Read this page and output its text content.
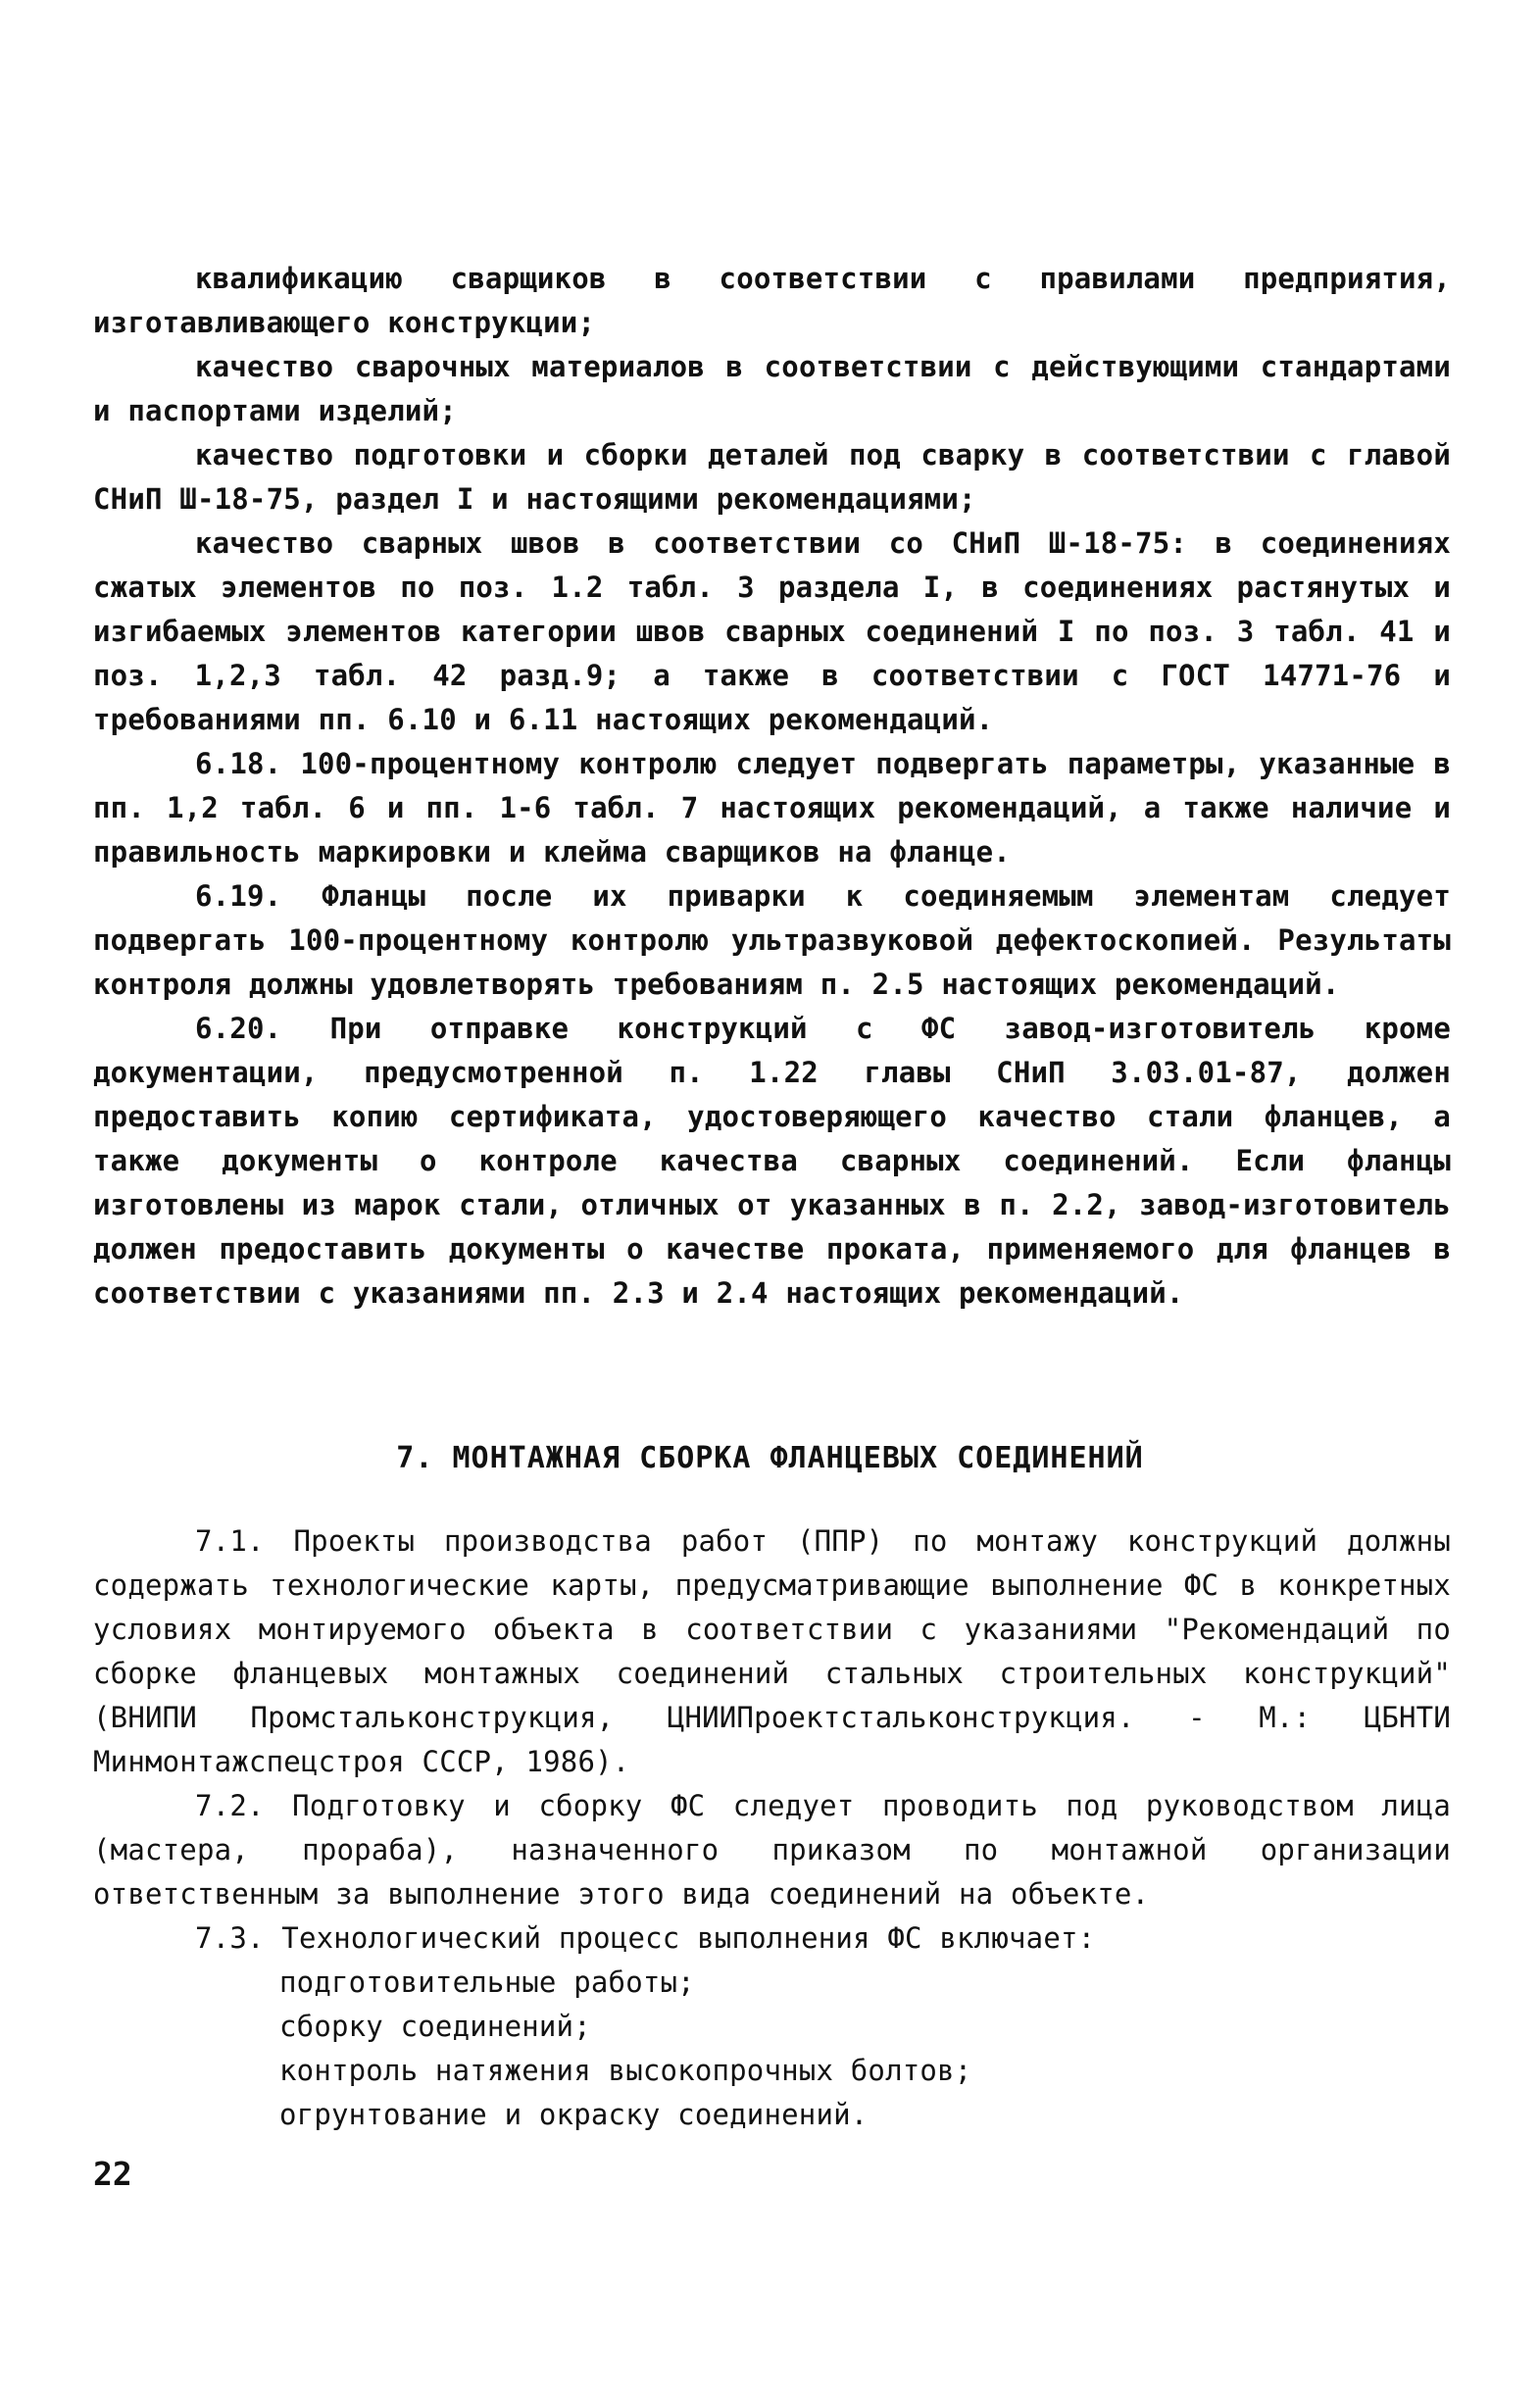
квалификацию сварщиков в соответствии с правилами предприятия, изготавливающего конструкции;

качество сварочных материалов в соответствии с действующими стандартами и паспортами изделий;

качество подготовки и сборки деталей под сварку в соответствии с главой СНиП Ш-18-75, раздел I и настоящими рекомендациями;

качество сварных швов в соответствии со СНиП Ш-18-75: в соединениях сжатых элементов по поз. 1.2 табл. 3 раздела I, в соединениях растянутых и изгибаемых элементов категории швов сварных соединений I по поз. 3 табл. 41 и поз. 1,2,3 табл. 42 разд.9; а также в соответствии с ГОСТ 14771-76 и требованиями пп. 6.10 и 6.11 настоящих рекомендаций.

6.18. 100-процентному контролю следует подвергать параметры, указанные в пп. 1,2 табл. 6 и пп. 1-6 табл. 7 настоящих рекомендаций, а также наличие и правильность маркировки и клейма сварщиков на фланце.

6.19. Фланцы после их приварки к соединяемым элементам следует подвергать 100-процентному контролю ультразвуковой дефектоскопией. Результаты контроля должны удовлетворять требованиям п. 2.5 настоящих рекомендаций.

6.20. При отправке конструкций с ФС завод-изготовитель кроме документации, предусмотренной п. 1.22 главы СНиП 3.03.01-87, должен предоставить копию сертификата, удостоверяющего качество стали фланцев, а также документы о контроле качества сварных соединений. Если фланцы изготовлены из марок стали, отличных от указанных в п. 2.2, завод-изготовитель должен предоставить документы о качестве проката, применяемого для фланцев в соответствии с указаниями пп. 2.3 и 2.4 настоящих рекомендаций.

7. МОНТАЖНАЯ СБОРКА ФЛАНЦЕВЫХ СОЕДИНЕНИЙ

7.1. Проекты производства работ (ППР) по монтажу конструкций должны содержать технологические карты, предусматривающие выполнение ФС в конкретных условиях монтируемого объекта в соответствии с указаниями "Рекомендаций по сборке фланцевых монтажных соединений стальных строительных конструкций" (ВНИПИ Промстальконструкция, ЦНИИПроектстальконструкция. - М.: ЦБНТИ Минмонтажспецстроя СССР, 1986).

7.2. Подготовку и сборку ФС следует проводить под руководством лица (мастера, прораба), назначенного приказом по монтажной организации ответственным за выполнение этого вида соединений на объекте.

7.3. Технологический процесс выполнения ФС включает:

подготовительные работы;
сборку соединений;
контроль натяжения высокопрочных болтов;
огрунтование и окраску соединений.
22
